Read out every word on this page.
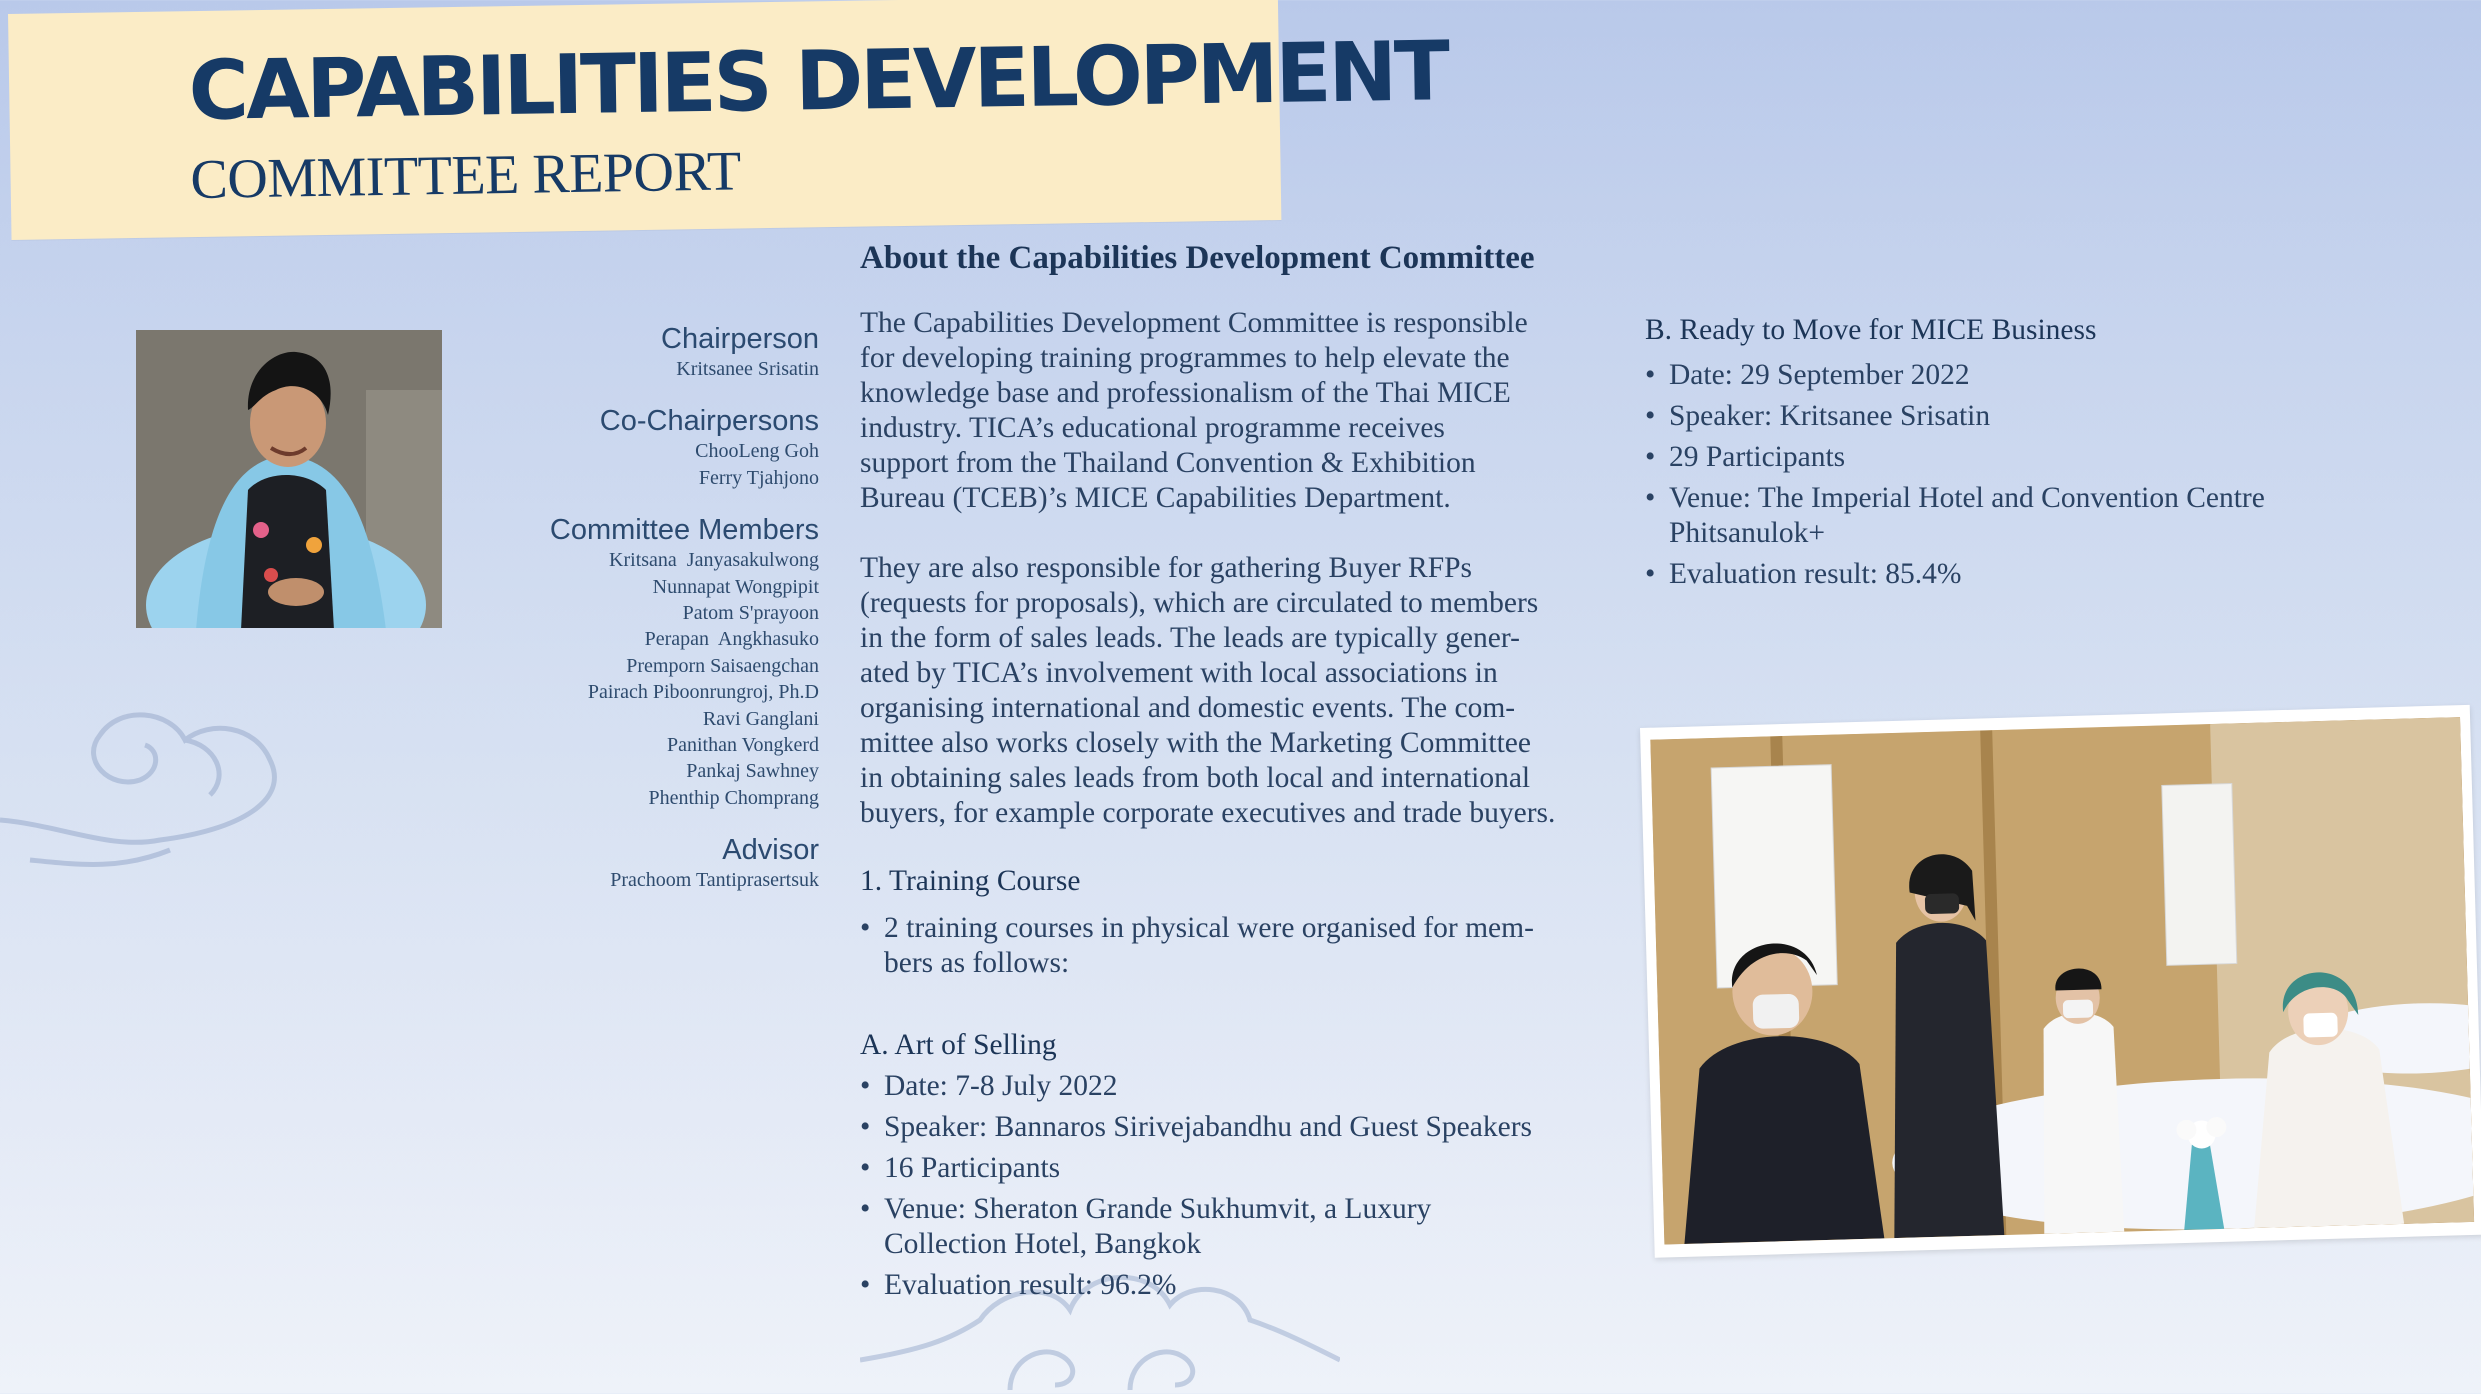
CAPABILITIES DEVELOPMENT
COMMITTEE REPORT
Chairperson
Kritsanee Srisatin
Co-Chairpersons
ChooLeng Goh
Ferry Tjahjono
Committee Members
Kritsana  Janyasakulwong
Nunnapat Wongpipit
Patom S'prayoon
Perapan  Angkhasuko
Premporn Saisaengchan
Pairach Piboonrungroj, Ph.D
Ravi Ganglani
Panithan Vongkerd
Pankaj Sawhney
Phenthip Chomprang
Advisor
Prachoom Tantiprasertsuk
About the Capabilities Development Committee

The Capabilities Development Committee is responsible
for developing training programmes to help elevate the
knowledge base and professionalism of the Thai MICE
industry. TICA’s educational programme receives
support from the Thailand Convention & Exhibition
Bureau (TCEB)’s MICE Capabilities Department.

They are also responsible for gathering Buyer RFPs
(requests for proposals), which are circulated to members
in the form of sales leads. The leads are typically gener-
ated by TICA’s involvement with local associations in
organising international and domestic events. The com-
mittee also works closely with the Marketing Committee
in obtaining sales leads from both local and international
buyers, for example corporate executives and trade buyers.

1. Training Course
• 2 training courses in physical were organised for mem-
bers as follows:
A. Art of Selling
• Date: 7-8 July 2022
• Speaker: Bannaros Sirivejabandhu and Guest Speakers
• 16 Participants
• Venue: Sheraton Grande Sukhumvit, a Luxury
Collection Hotel, Bangkok
• Evaluation result: 96.2%
B. Ready to Move for MICE Business
• Date: 29 September 2022
• Speaker: Kritsanee Srisatin
• 29 Participants
• Venue: The Imperial Hotel and Convention Centre
Phitsanulok+
• Evaluation result: 85.4%
